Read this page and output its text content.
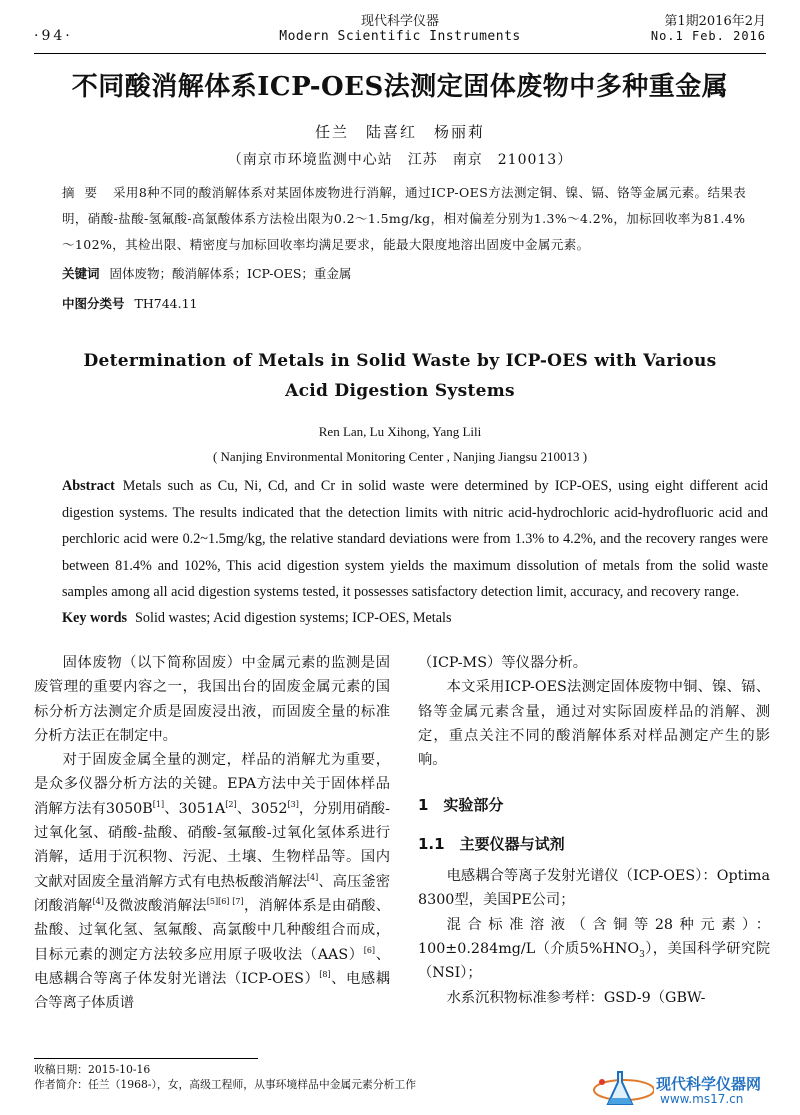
·94·
现代科学仪器
Modern Scientific Instruments
第1期2016年2月
No.1 Feb. 2016
不同酸消解体系ICP-OES法测定固体废物中多种重金属
任兰　陆喜红　杨丽莉
（南京市环境监测中心站　江苏　南京　210013）
摘要 采用8种不同的酸消解体系对某固体废物进行消解，通过ICP-OES方法测定铜、镍、镉、铬等金属元素。结果表明，硝酸-盐酸-氢氟酸-高氯酸体系方法检出限为0.2～1.5mg/kg，相对偏差分别为1.3%～4.2%，加标回收率为81.4%～102%，其检出限、精密度与加标回收率均满足要求，能最大限度地溶出固废中金属元素。
关键词 固体废物；酸消解体系；ICP-OES；重金属
中图分类号 TH744.11
Determination of Metals in Solid Waste by ICP-OES with Various Acid Digestion Systems
Ren Lan, Lu Xihong, Yang Lili
( Nanjing Environmental Monitoring Center , Nanjing Jiangsu 210013 )
Abstract Metals such as Cu, Ni, Cd, and Cr in solid waste were determined by ICP-OES, using eight different acid digestion systems. The results indicated that the detection limits with nitric acid-hydrochloric acid-hydrofluoric acid and perchloric acid were 0.2~1.5mg/kg, the relative standard deviations were from 1.3% to 4.2%, and the recovery ranges were between 81.4% and 102%, This acid digestion system yields the maximum dissolution of metals from the solid waste samples among all acid digestion systems tested, it possesses satisfactory detection limit, accuracy, and recovery range.
Key words Solid wastes; Acid digestion systems; ICP-OES, Metals

固体废物（以下简称固废）中金属元素的监测是固废管理的重要内容之一，我国出台的固废金属元素的国标分析方法测定介质是固废浸出液，而固废全量的标准分析方法正在制定中。

对于固废金属全量的测定，样品的消解尤为重要，是众多仪器分析方法的关键。EPA方法中关于固体样品消解方法有3050B[1]、3051A[2]、3052[3]，分别用硝酸-过氧化氢、硝酸-盐酸、硝酸-氢氟酸-过氧化氢体系进行消解，适用于沉积物、污泥、土壤、生物样品等。国内文献对固废全量消解方式有电热板酸消解法[4]、高压釜密闭酸消解[4]及微波酸消解法[5][6] [7]，消解体系是由硝酸、盐酸、过氧化氢、氢氟酸、高氯酸中几种酸组合而成，目标元素的测定方法较多应用原子吸收法（AAS）[6]、电感耦合等离子体发射光谱法（ICP-OES）[8]、电感耦合等离子体质谱

（ICP-MS）等仪器分析。

本文采用ICP-OES法测定固体废物中铜、镍、镉、铬等金属元素含量，通过对实际固废样品的消解、测定，重点关注不同的酸消解体系对样品测定产生的影响。

1　实验部分

1.1　主要仪器与试剂

电感耦合等离子发射光谱仪（ICP-OES）：Optima 8300型，美国PE公司；

混合标准溶液（含铜等28种元素）：100±0.284mg/L（介质$5\%HNO_3$），美国科学研究院（NSI）；

水系沉积物标准参考样：GSD-9（GBW-

收稿日期：2015-10-16
作者简介：任兰（1968-），女，高级工程师，从事环境样品中金属元素分析工作	现代科学仪器网
www.ms17.cn
